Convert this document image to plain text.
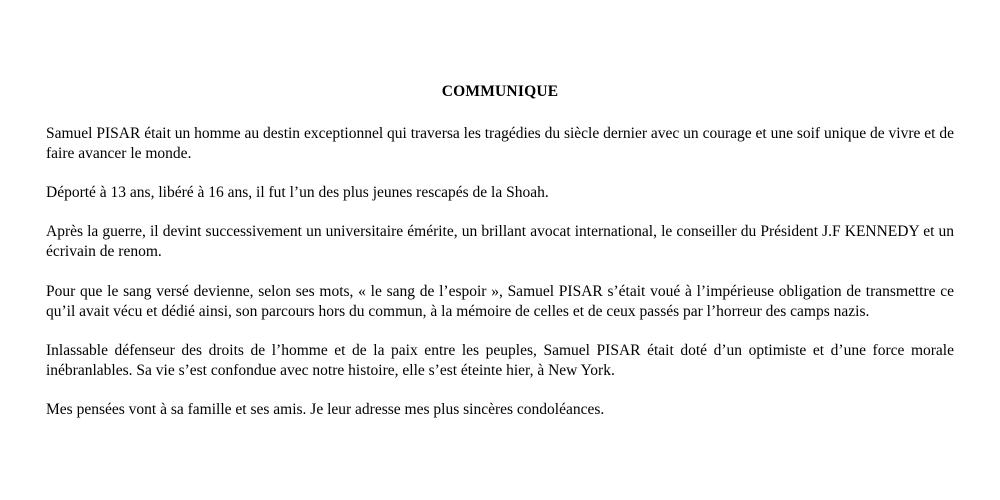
COMMUNIQUE

Samuel PISAR était un homme au destin exceptionnel qui traversa les tragédies du siècle dernier avec un courage et une soif unique de vivre et de faire avancer le monde.

Déporté à 13 ans, libéré à 16 ans, il fut l’un des plus jeunes rescapés de la Shoah.

Après la guerre, il devint successivement un universitaire émérite, un brillant avocat international, le conseiller du Président J.F KENNEDY et un écrivain de renom.

Pour que le sang versé devienne, selon ses mots, « le sang de l’espoir », Samuel PISAR s’était voué à l’impérieuse obligation de transmettre ce qu’il avait vécu et dédié ainsi, son parcours hors du commun, à la mémoire de celles et de ceux passés par l’horreur des camps nazis.

Inlassable défenseur des droits de l’homme et de la paix entre les peuples, Samuel PISAR était doté d’un optimiste et d’une force morale inébranlables. Sa vie s’est confondue avec notre histoire, elle s’est éteinte hier, à New York.

Mes pensées vont à sa famille et ses amis. Je leur adresse mes plus sincères condoléances.
